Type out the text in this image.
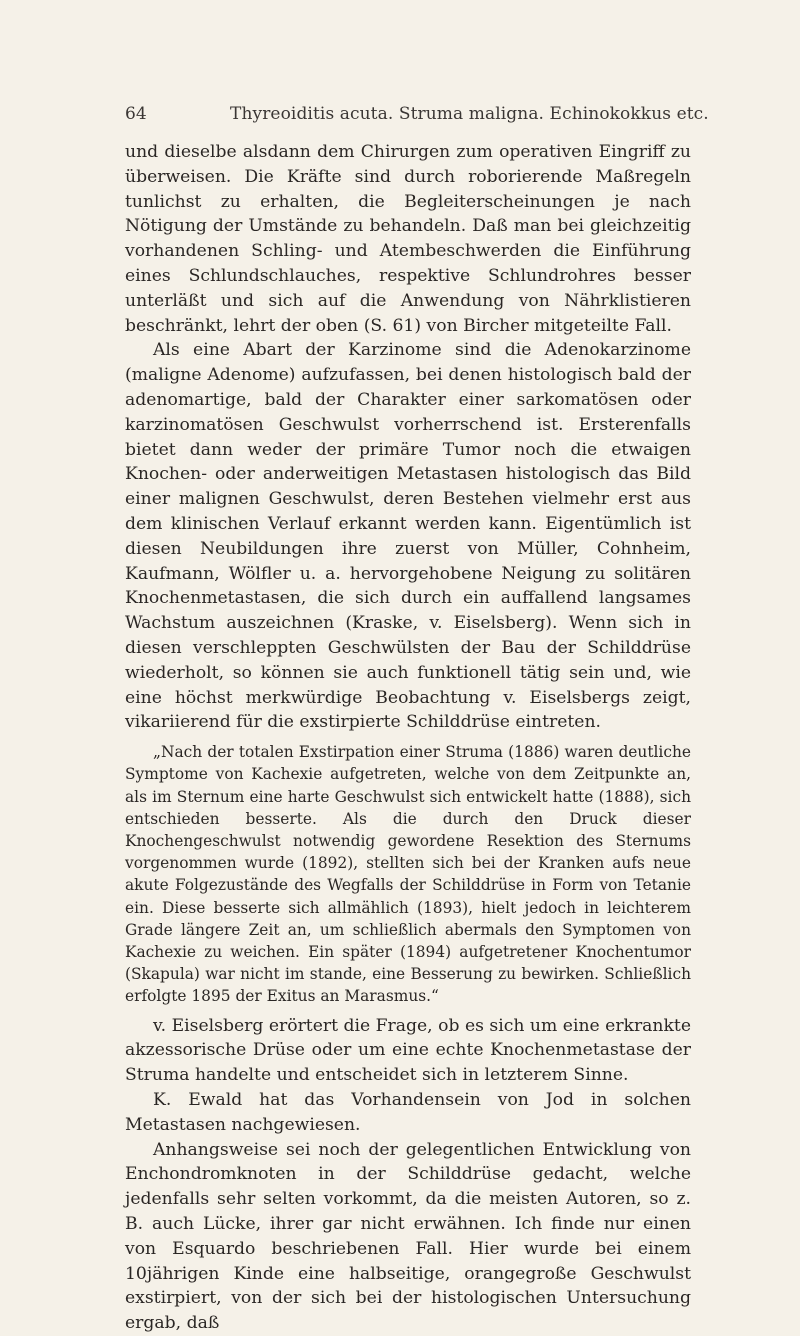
64	Thyreoiditis acuta. Struma maligna. Echinokokkus etc.

und dieselbe alsdann dem Chirurgen zum operativen Eingriff zu überweisen. Die Kräfte sind durch roborierende Maßregeln tunlichst zu erhalten, die Begleiterscheinungen je nach Nötigung der Umstände zu behandeln. Daß man bei gleichzeitig vorhandenen Schling- und Atembeschwerden die Einführung eines Schlundschlauches, respektive Schlundrohres besser unterläßt und sich auf die Anwendung von Nährklistieren beschränkt, lehrt der oben (S. 61) von Bircher mitgeteilte Fall.

Als eine Abart der Karzinome sind die Adenokarzinome (maligne Adenome) aufzufassen, bei denen histologisch bald der adenomartige, bald der Charakter einer sarkomatösen oder karzinomatösen Geschwulst vorherrschend ist. Ersterenfalls bietet dann weder der primäre Tumor noch die etwaigen Knochen- oder anderweitigen Metastasen histologisch das Bild einer malignen Geschwulst, deren Bestehen vielmehr erst aus dem klinischen Verlauf erkannt werden kann. Eigentümlich ist diesen Neubildungen ihre zuerst von Müller, Cohnheim, Kaufmann, Wölfler u. a. hervorgehobene Neigung zu solitären Knochenmetastasen, die sich durch ein auffallend langsames Wachstum auszeichnen (Kraske, v. Eiselsberg). Wenn sich in diesen verschleppten Geschwülsten der Bau der Schilddrüse wiederholt, so können sie auch funktionell tätig sein und, wie eine höchst merkwürdige Beobachtung v. Eiselsbergs zeigt, vikariierend für die exstirpierte Schilddrüse eintreten.

„Nach der totalen Exstirpation einer Struma (1886) waren deutliche Symptome von Kachexie aufgetreten, welche von dem Zeitpunkte an, als im Sternum eine harte Geschwulst sich entwickelt hatte (1888), sich entschieden besserte. Als die durch den Druck dieser Knochengeschwulst notwendig gewordene Resektion des Sternums vorgenommen wurde (1892), stellten sich bei der Kranken aufs neue akute Folgezustände des Wegfalls der Schilddrüse in Form von Tetanie ein. Diese besserte sich allmählich (1893), hielt jedoch in leichterem Grade längere Zeit an, um schließlich abermals den Symptomen von Kachexie zu weichen. Ein später (1894) aufgetretener Knochentumor (Skapula) war nicht im stande, eine Besserung zu bewirken. Schließlich erfolgte 1895 der Exitus an Marasmus.“

v. Eiselsberg erörtert die Frage, ob es sich um eine erkrankte akzessorische Drüse oder um eine echte Knochenmetastase der Struma handelte und entscheidet sich in letzterem Sinne.

K. Ewald hat das Vorhandensein von Jod in solchen Metastasen nachgewiesen.

Anhangsweise sei noch der gelegentlichen Entwicklung von Enchondromknoten in der Schilddrüse gedacht, welche jedenfalls sehr selten vorkommt, da die meisten Autoren, so z. B. auch Lücke, ihrer gar nicht erwähnen. Ich finde nur einen von Esquardo beschriebenen Fall. Hier wurde bei einem 10jährigen Kinde eine halbseitige, orangegroße Geschwulst exstirpiert, von der sich bei der histologischen Untersuchung ergab, daß
